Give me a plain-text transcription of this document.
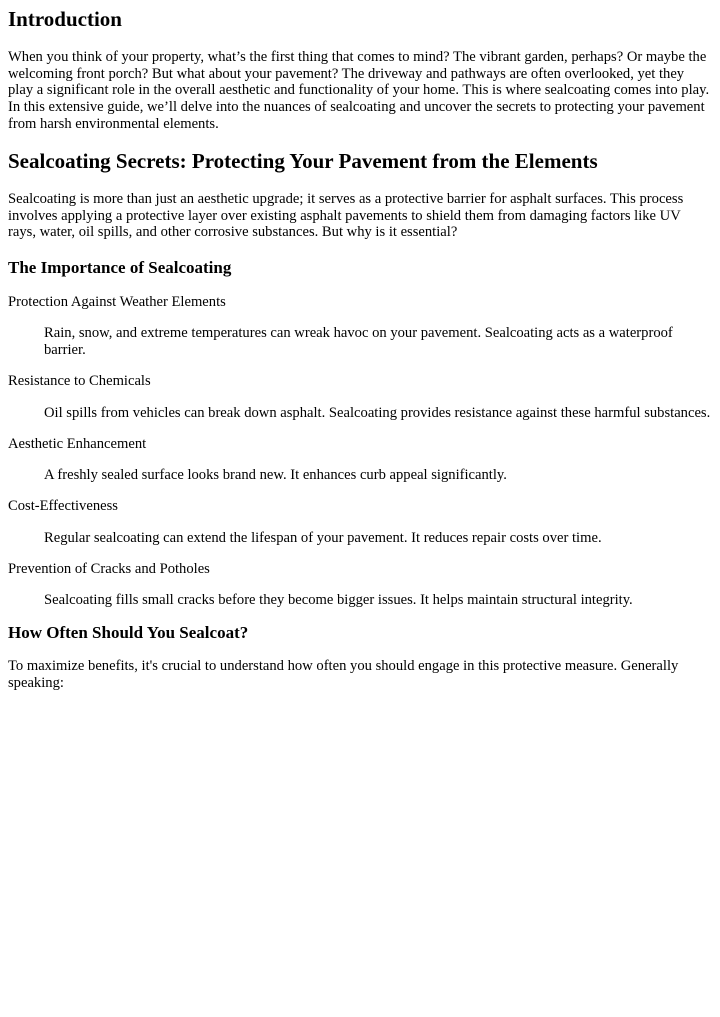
Introduction

When you think of your property, what’s the first thing that comes to mind? The vibrant garden, perhaps? Or maybe the welcoming front porch? But what about your pavement? The driveway and pathways are often overlooked, yet they play a significant role in the overall aesthetic and functionality of your home. This is where sealcoating comes into play. In this extensive guide, we’ll delve into the nuances of sealcoating and uncover the secrets to protecting your pavement from harsh environmental elements.

Sealcoating Secrets: Protecting Your Pavement from the Elements

Sealcoating is more than just an aesthetic upgrade; it serves as a protective barrier for asphalt surfaces. This process involves applying a protective layer over existing asphalt pavements to shield them from damaging factors like UV rays, water, oil spills, and other corrosive substances. But why is it essential?

The Importance of Sealcoating
Protection Against Weather Elements
Rain, snow, and extreme temperatures can wreak havoc on your pavement. Sealcoating acts as a waterproof barrier.
Resistance to Chemicals
Oil spills from vehicles can break down asphalt. Sealcoating provides resistance against these harmful substances.
Aesthetic Enhancement
A freshly sealed surface looks brand new. It enhances curb appeal significantly.
Cost-Effectiveness
Regular sealcoating can extend the lifespan of your pavement. It reduces repair costs over time.
Prevention of Cracks and Potholes
Sealcoating fills small cracks before they become bigger issues. It helps maintain structural integrity.
How Often Should You Sealcoat?

To maximize benefits, it's crucial to understand how often you should engage in this protective measure. Generally speaking:
